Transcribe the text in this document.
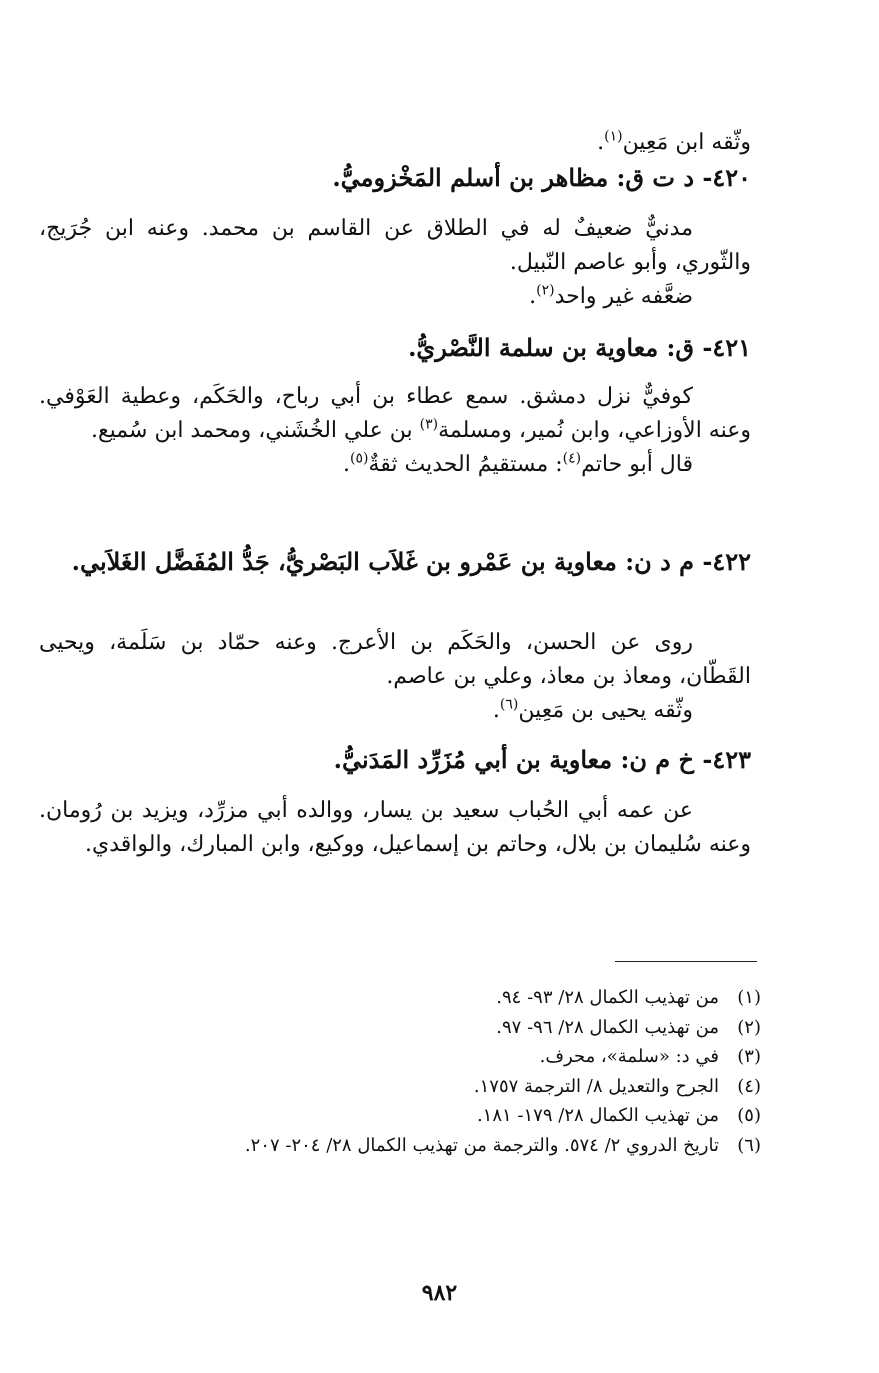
وثّقه ابن مَعِين$^{(١)}$.
٤٢٠- د ت ق: مظاهر بن أسلم المَخْزوميُّ.

مدنيٌّ ضعيفٌ له في الطلاق عن القاسم بن محمد. وعنه ابن جُرَيج، والثّوري، وأبو عاصم النّبيل.

ضعَّفه غير واحد$^{(٢)}$.

٤٢١- ق: معاوية بن سلمة النَّصْريُّ.

كوفيٌّ نزل دمشق. سمع عطاء بن أبي رباح، والحَكَم، وعطية العَوْفي. وعنه الأوزاعي، وابن نُمير، ومسلمة$^{(٣)}$ بن علي الخُشَني، ومحمد ابن سُميع.

قال أبو حاتم$^{(٤)}$: مستقيمُ الحديث ثقةٌ$^{(٥)}$.

٤٢٢- م د ن: معاوية بن عَمْرو بن غَلاَب البَصْريُّ، جَدُّ المُفَضَّل الغَلاَبي.

روى عن الحسن، والحَكَم بن الأعرج. وعنه حمّاد بن سَلَمة، ويحيى القَطّان، ومعاذ بن معاذ، وعلي بن عاصم.

وثّقه يحيى بن مَعِين$^{(٦)}$.

٤٢٣- خ م ن: معاوية بن أبي مُزَرِّد المَدَنيُّ.

عن عمه أبي الحُباب سعيد بن يسار، ووالده أبي مزرِّد، ويزيد بن رُومان. وعنه سُليمان بن بلال، وحاتم بن إسماعيل، ووكيع، وابن المبارك، والواقدي.

(١)
من تهذيب الكمال ٢٨/ ٩٣- ٩٤.
(٢)
من تهذيب الكمال ٢٨/ ٩٦- ٩٧.
(٣)
في د: «سلمة»، محرف.
(٤)
الجرح والتعديل ٨/ الترجمة ١٧٥٧.
(٥)
من تهذيب الكمال ٢٨/ ١٧٩- ١٨١.
(٦)
تاريخ الدروي ٢/ ٥٧٤. والترجمة من تهذيب الكمال ٢٨/ ٢٠٤- ٢٠٧.
٩٨٢
